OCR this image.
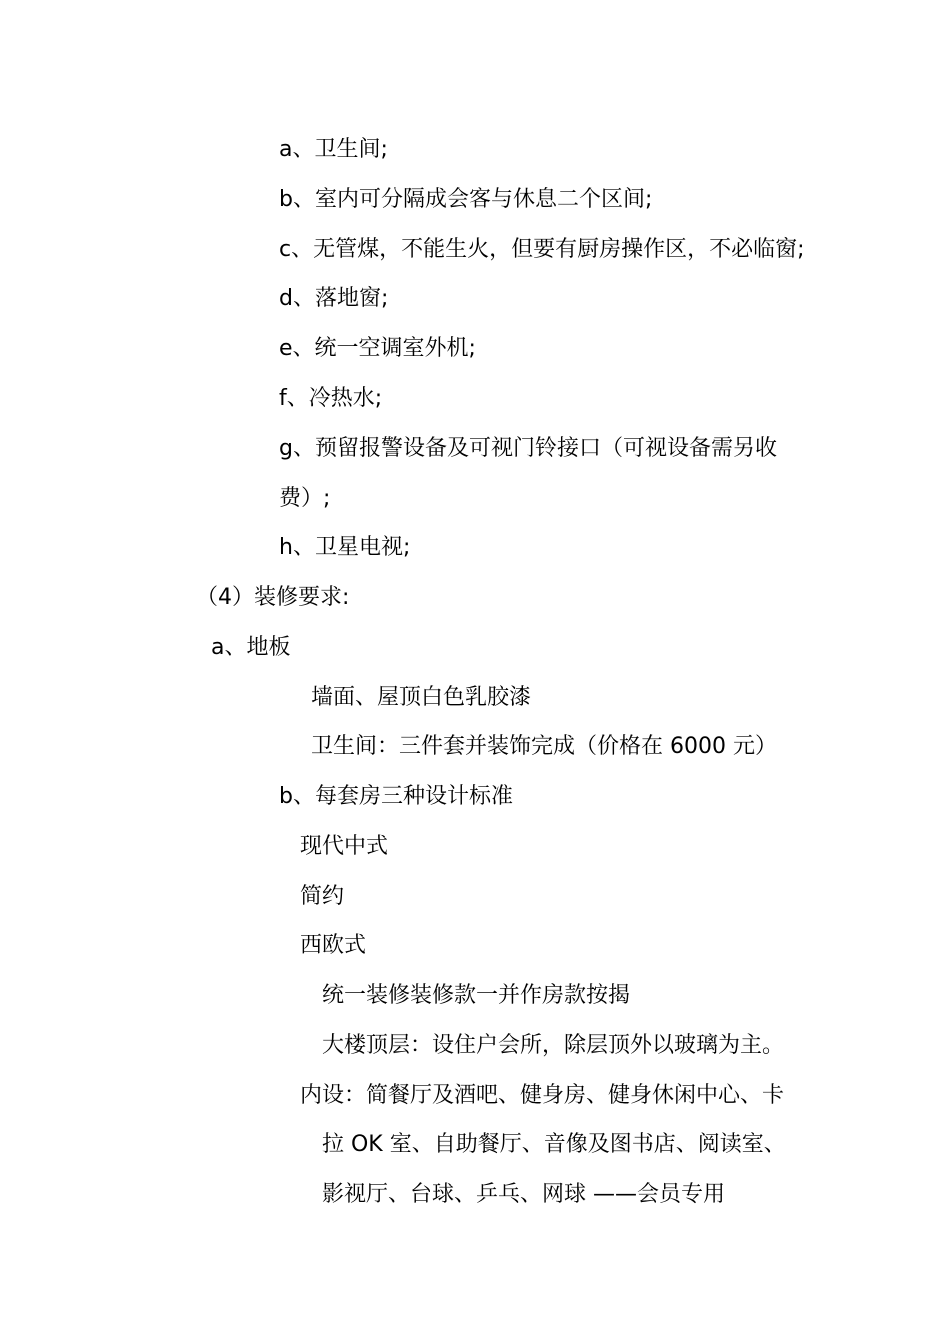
a、卫生间;
b、室内可分隔成会客与休息二个区间;
c、无管煤，不能生火，但要有厨房操作区，不必临窗;
d、落地窗;
e、统一空调室外机;
f、冷热水;
g、预留报警设备及可视门铃接口（可视设备需另收
费）;
h、卫星电视;
（4）装修要求:
a、地板
墙面、屋顶白色乳胶漆
卫生间：三件套并装饰完成（价格在 6000 元）
b、每套房三种设计标准
现代中式
简约
西欧式
统一装修装修款一并作房款按揭
大楼顶层：设住户会所，除层顶外以玻璃为主。
内设：简餐厅及酒吧、健身房、健身休闲中心、卡
拉 OK 室、自助餐厅、音像及图书店、阅读室、
影视厅、台球、乒乓、网球 ——会员专用
